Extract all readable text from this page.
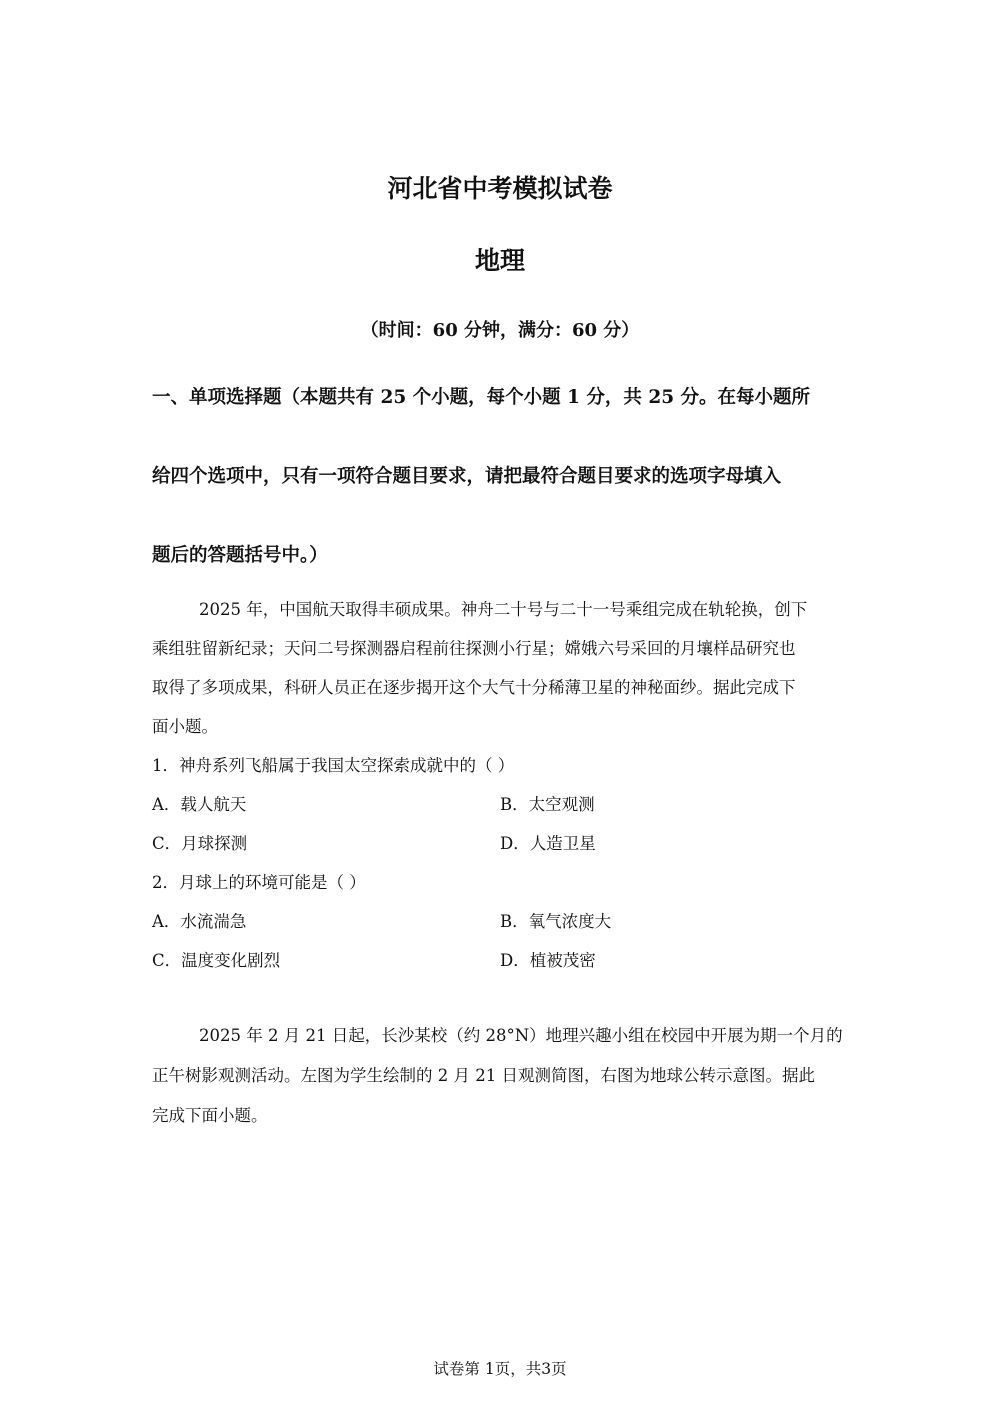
河北省中考模拟试卷
地理
（时间：60 分钟，满分：60 分）
一、单项选择题（本题共有 25 个小题，每个小题 1 分，共 25 分。在每小题所
给四个选项中，只有一项符合题目要求，请把最符合题目要求的选项字母填入
题后的答题括号中。）
2025 年，中国航天取得丰硕成果。神舟二十号与二十一号乘组完成在轨轮换，创下
乘组驻留新纪录；天问二号探测器启程前往探测小行星；嫦娥六号采回的月壤样品研究也
取得了多项成果，科研人员正在逐步揭开这个大气十分稀薄卫星的神秘面纱。据此完成下
面小题。
1．神舟系列飞船属于我国太空探索成就中的（ ）
A．载人航天	B．太空观测
C．月球探测	D．人造卫星
2．月球上的环境可能是（ ）
A．水流湍急	B．氧气浓度大
C．温度变化剧烈	D．植被茂密
2025 年 2 月 21 日起，长沙某校（约 28°N）地理兴趣小组在校园中开展为期一个月的
正午树影观测活动。左图为学生绘制的 2 月 21 日观测简图，右图为地球公转示意图。据此
完成下面小题。
试卷第 1页，共3页
